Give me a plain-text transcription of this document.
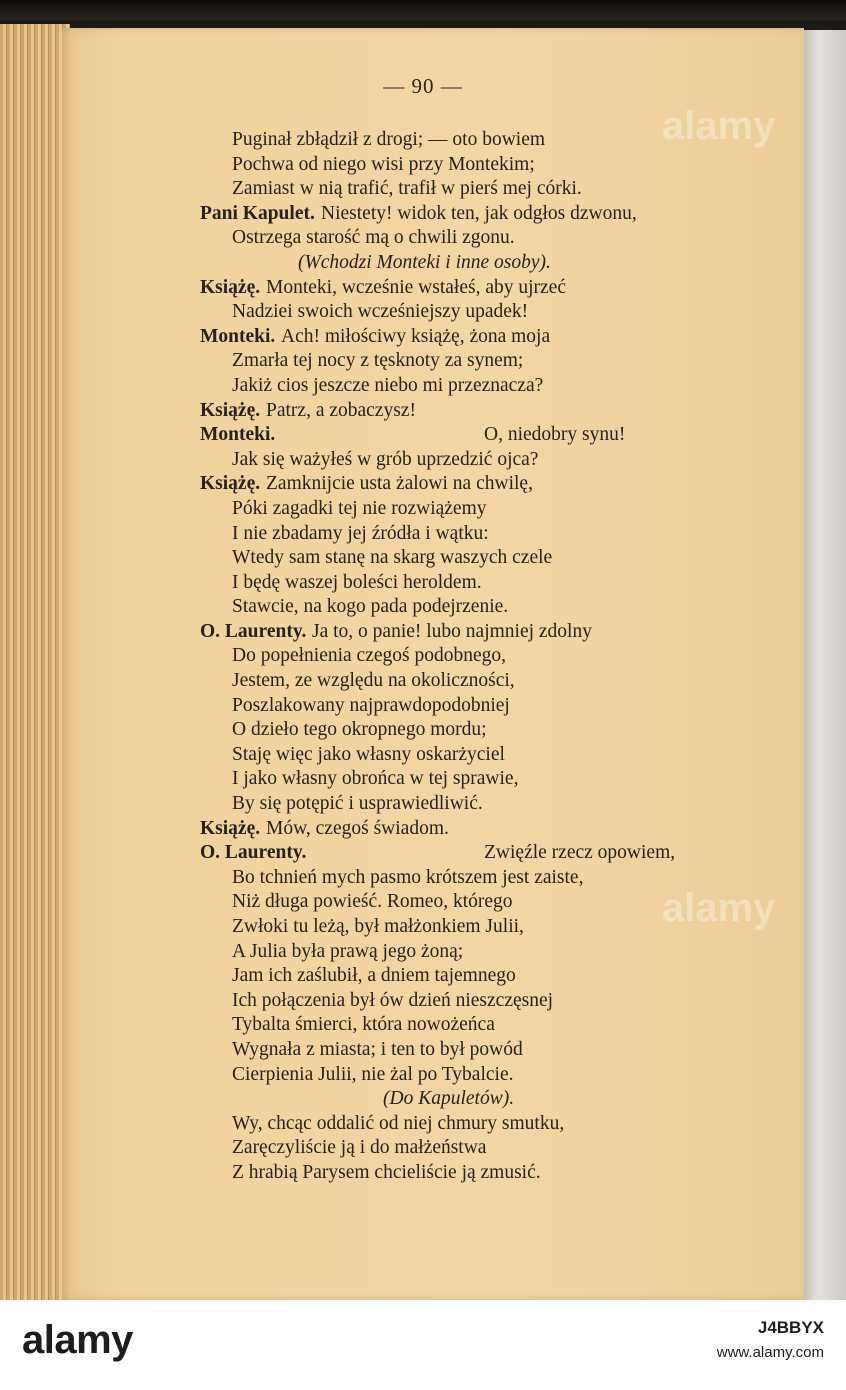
— 90 —
Puginał zbłądził z drogi; — oto bowiem
Pochwa od niego wisi przy Montekim;
Zamiast w nią trafić, trafił w pierś mej córki.
Pani Kapulet. Niestety! widok ten, jak odgłos dzwonu,
Ostrzega starość mą o chwili zgonu.
(Wchodzi Monteki i inne osoby).
Książę. Monteki, wcześnie wstałeś, aby ujrzeć
Nadziei swoich wcześniejszy upadek!
Monteki. Ach! miłościwy książę, żona moja
Zmarła tej nocy z tęsknoty za synem;
Jakiż cios jeszcze niebo mi przeznacza?
Książę. Patrz, a zobaczysz!
Monteki.	O, niedobry synu!
Jak się ważyłeś w grób uprzedzić ojca?
Książę. Zamknijcie usta żalowi na chwilę,
Póki zagadki tej nie rozwiążemy
I nie zbadamy jej źródła i wątku:
Wtedy sam stanę na skarg waszych czele
I będę waszej boleści heroldem.
Stawcie, na kogo pada podejrzenie.
O. Laurenty. Ja to, o panie! lubo najmniej zdolny
Do popełnienia czegoś podobnego,
Jestem, ze względu na okoliczności,
Poszlakowany najprawdopodobniej
O dzieło tego okropnego mordu;
Staję więc jako własny oskarżyciel
I jako własny obrońca w tej sprawie,
By się potępić i usprawiedliwić.
Książę. Mów, czegoś świadom.
O. Laurenty.	Zwięźle rzecz opowiem,
Bo tchnień mych pasmo krótszem jest zaiste,
Niż długa powieść. Romeo, którego
Zwłoki tu leżą, był małżonkiem Julii,
A Julia była prawą jego żoną;
Jam ich zaślubił, a dniem tajemnego
Ich połączenia był ów dzień nieszczęsnej
Tybalta śmierci, która nowożeńca
Wygnała z miasta; i ten to był powód
Cierpienia Julii, nie żal po Tybalcie.
(Do Kapuletów).
Wy, chcąc oddalić od niej chmury smutku,
Zaręczyliście ją i do małżeństwa
Z hrabią Parysem chcieliście ją zmusić.
alamy
alamy
alamy	J4BBYX
www.alamy.com
